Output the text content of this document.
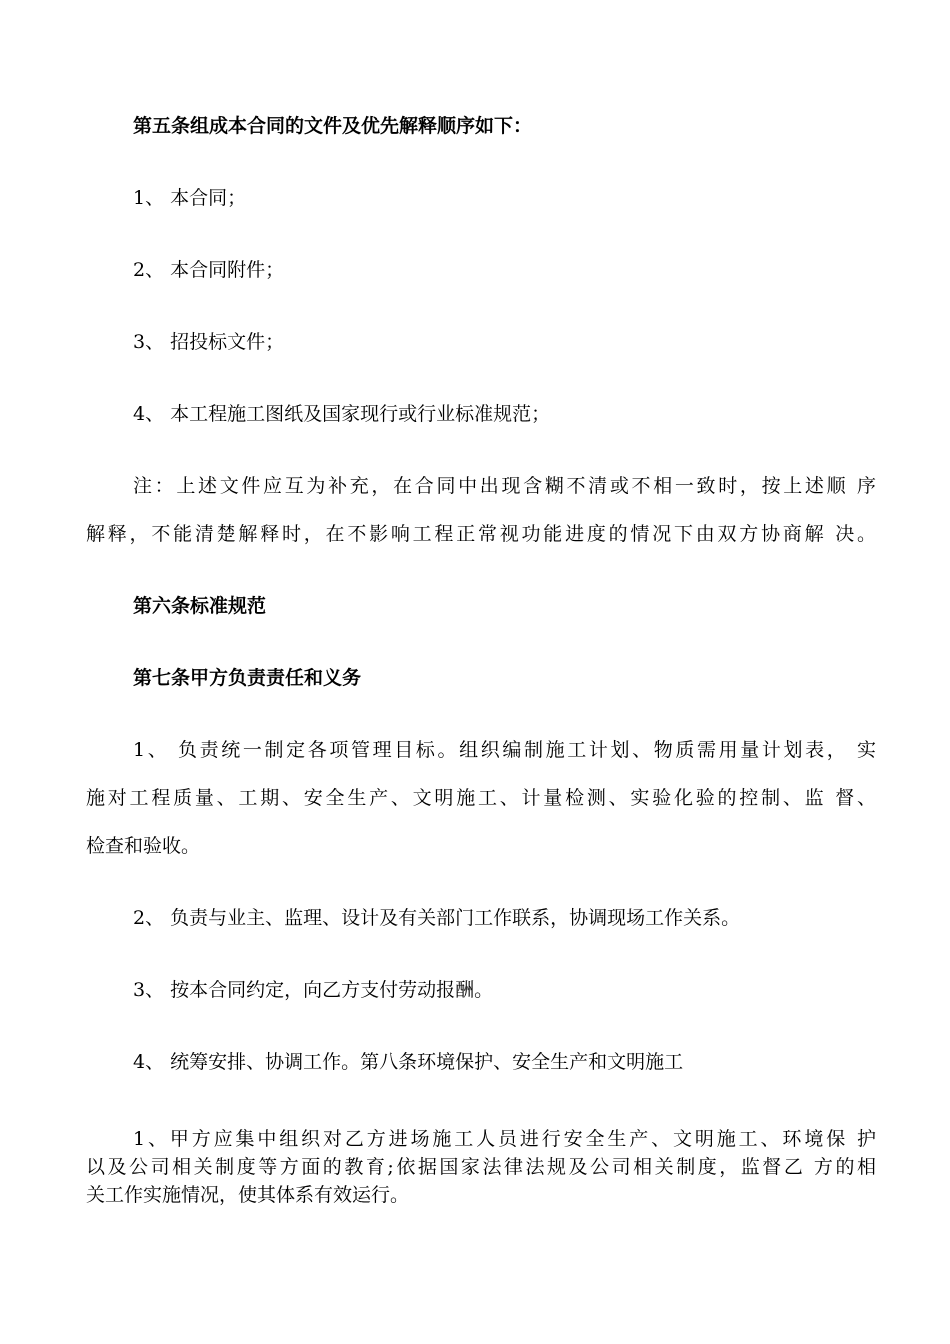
第五条组成本合同的文件及优先解释顺序如下：

1、 本合同；

2、 本合同附件；

3、 招投标文件；

4、 本工程施工图纸及国家现行或行业标准规范；

注：上述文件应互为补充，在合同中出现含糊不清或不相一致时，按上述顺 序

解释，不能清楚解释时，在不影响工程正常视功能进度的情况下由双方协商解 决。

第六条标准规范

第七条甲方负责责任和义务

1、 负责统一制定各项管理目标。组织编制施工计划、物质需用量计划表， 实

施对工程质量、工期、安全生产、文明施工、计量检测、实验化验的控制、监 督、

检查和验收。

2、 负责与业主、监理、设计及有关部门工作联系，协调现场工作关系。

3、 按本合同约定，向乙方支付劳动报酬。

4、 统筹安排、协调工作。第八条环境保护、安全生产和文明施工

1、甲方应集中组织对乙方进场施工人员进行安全生产、文明施工、环境保 护

以及公司相关制度等方面的教育;依据国家法律法规及公司相关制度，监督乙 方的相

关工作实施情况，使其体系有效运行。
